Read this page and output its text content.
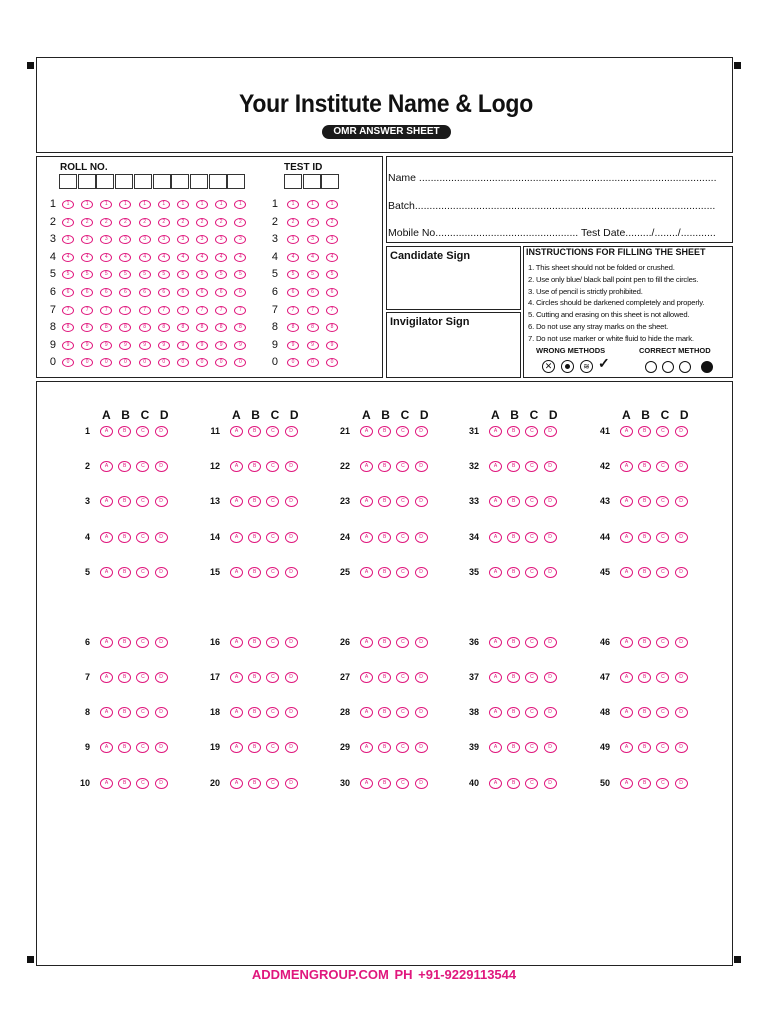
Your Institute Name & Logo
OMR ANSWER SHEET
ROLL NO.	TEST ID
1	1	1	1	1	1	1	1	1	1	1	1	1	1	1
2	2	2	2	2	2	2	2	2	2	2	2	2	2	2
3	3	3	3	3	3	3	3	3	3	3	3	3	3	3
4	4	4	4	4	4	4	4	4	4	4	4	4	4	4
5	5	5	5	5	5	5	5	5	5	5	5	5	5	5
6	6	6	6	6	6	6	6	6	6	6	6	6	6	6
7	7	7	7	7	7	7	7	7	7	7	7	7	7	7
8	8	8	8	8	8	8	8	8	8	8	8	8	8	8
9	9	9	9	9	9	9	9	9	9	9	9	9	9	9
0	0	0	0	0	0	0	0	0	0	0	0	0	0	0
Name ......................................................................................................
Batch.......................................................................................................
Mobile No................................................. Test Date........./......../............
Candidate Sign
Invigilator Sign
INSTRUCTIONS FOR FILLING THE SHEET
1. This sheet should not be folded or crushed.
2. Use only blue/ black ball point pen to fill the circles.
3. Use of pencil is strictly prohibited.
4. Circles should be darkened completely and properly.
5. Cutting and erasing on this sheet is not allowed.
6. Do not use any stray marks on the sheet.
7. Do not use marker or white fluid to hide the mark.
WRONG METHODS	CORRECT METHOD
✕	≋ ✓
A B C D
1	A	B	C	D
2	A	B	C	D
3	A	B	C	D
4	A	B	C	D
5	A	B	C	D
6	A	B	C	D
7	A	B	C	D
8	A	B	C	D
9	A	B	C	D
10	A	B	C	D
A B C D
11	A	B	C	D
12	A	B	C	D
13	A	B	C	D
14	A	B	C	D
15	A	B	C	D
16	A	B	C	D
17	A	B	C	D
18	A	B	C	D
19	A	B	C	D
20	A	B	C	D
A B C D
21	A	B	C	D
22	A	B	C	D
23	A	B	C	D
24	A	B	C	D
25	A	B	C	D
26	A	B	C	D
27	A	B	C	D
28	A	B	C	D
29	A	B	C	D
30	A	B	C	D
A B C D
31	A	B	C	D
32	A	B	C	D
33	A	B	C	D
34	A	B	C	D
35	A	B	C	D
36	A	B	C	D
37	A	B	C	D
38	A	B	C	D
39	A	B	C	D
40	A	B	C	D
A B C D
41	A	B	C	D
42	A	B	C	D
43	A	B	C	D
44	A	B	C	D
45	A	B	C	D
46	A	B	C	D
47	A	B	C	D
48	A	B	C	D
49	A	B	C	D
50	A	B	C	D
ADDMENGROUP.COM PH +91-9229113544
